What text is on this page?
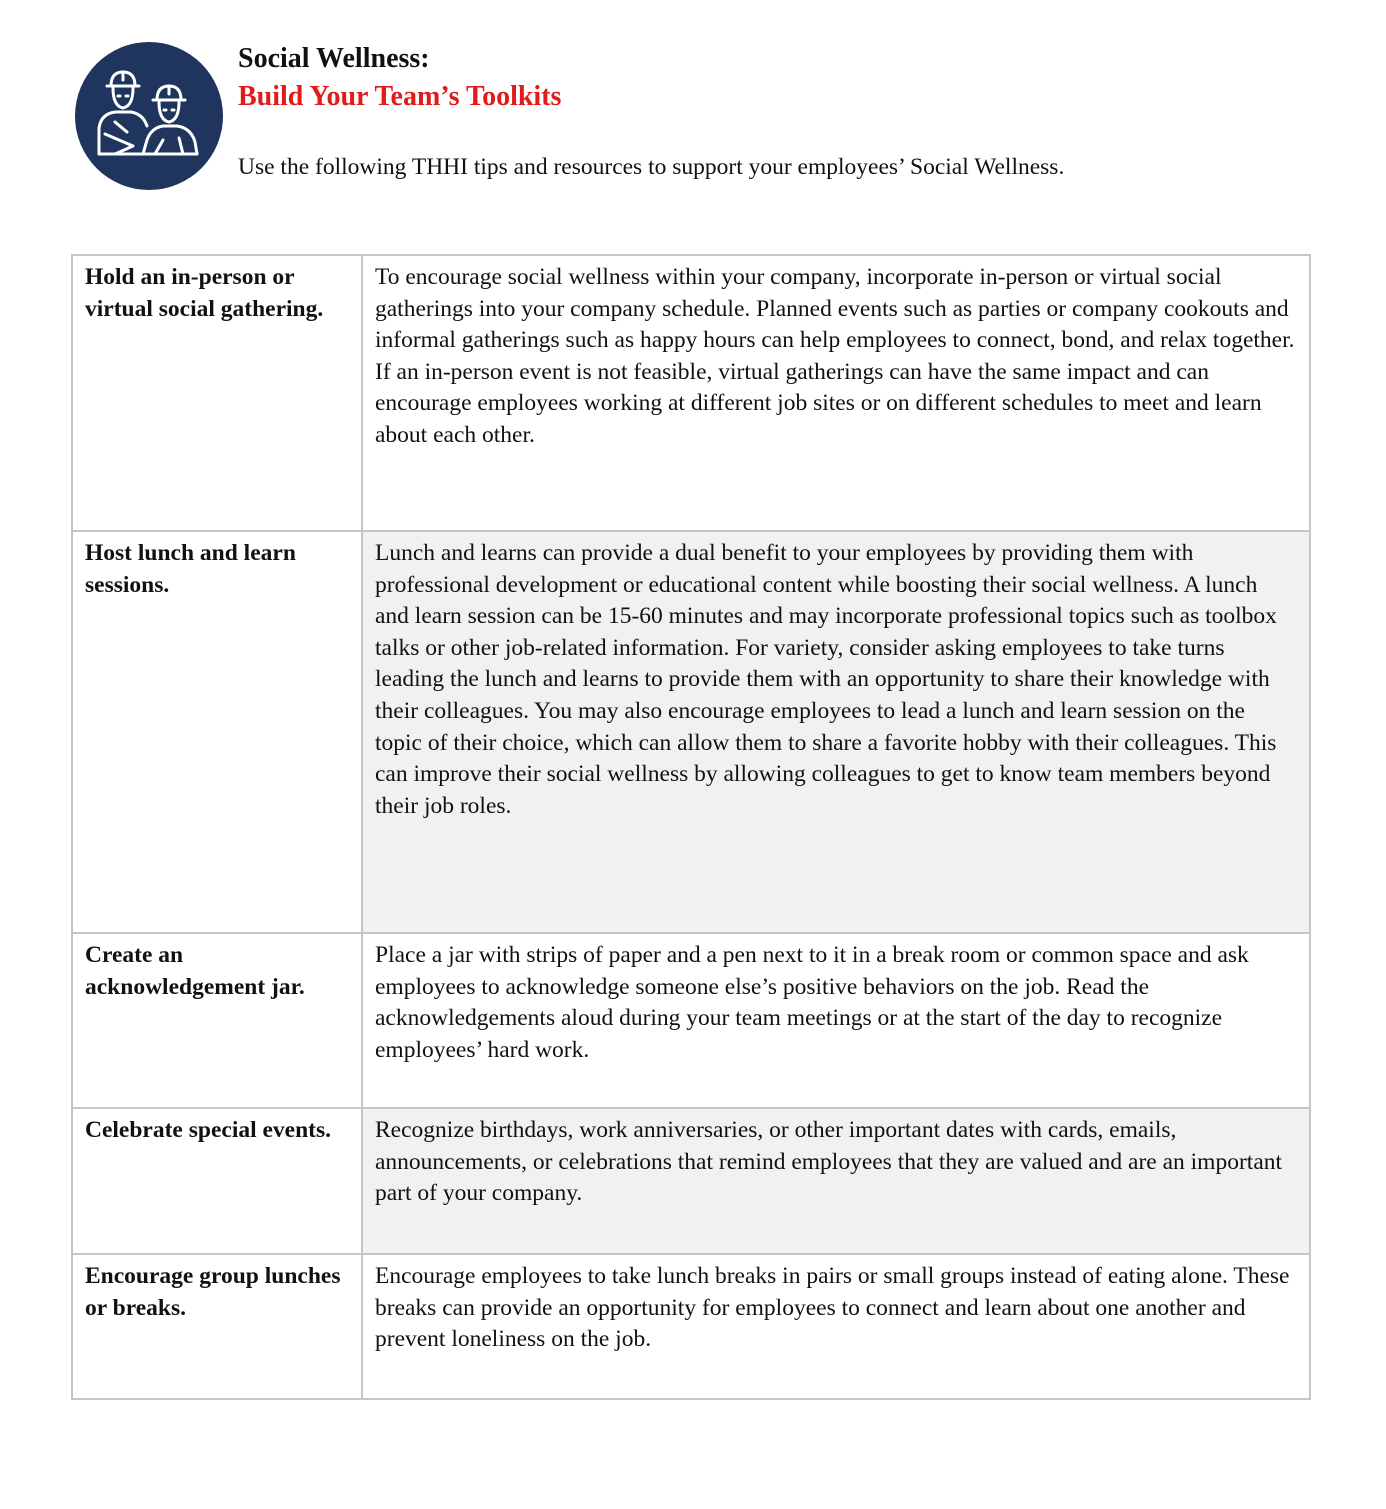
Social Wellness:
Build Your Team’s Toolkits
Use the following THHI tips and resources to support your employees’ Social Wellness.
Hold an in-person or virtual social gathering.	To encourage social wellness within your company, incorporate in-person or virtual social gatherings into your company schedule. Planned events such as parties or company cookouts and informal gatherings such as happy hours can help employees to connect, bond, and relax together. If an in-person event is not feasible, virtual gatherings can have the same impact and can encourage employees working at different job sites or on different schedules to meet and learn about each other.
Host lunch and learn sessions.	Lunch and learns can provide a dual benefit to your employees by providing them with professional development or educational content while boosting their social wellness. A lunch and learn session can be 15-60 minutes and may incorporate professional topics such as toolbox talks or other job-related information. For variety, consider asking employees to take turns leading the lunch and learns to provide them with an opportunity to share their knowledge with their colleagues. You may also encourage employees to lead a lunch and learn session on the topic of their choice, which can allow them to share a favorite hobby with their colleagues. This can improve their social wellness by allowing colleagues to get to know team members beyond their job roles.
Create an acknowledgement jar.	Place a jar with strips of paper and a pen next to it in a break room or common space and ask employees to acknowledge someone else’s positive behaviors on the job. Read the acknowledgements aloud during your team meetings or at the start of the day to recognize employees’ hard work.
Celebrate special events.	Recognize birthdays, work anniversaries, or other important dates with cards, emails, announcements, or celebrations that remind employees that they are valued and are an important part of your company.
Encourage group lunches or breaks.	Encourage employees to take lunch breaks in pairs or small groups instead of eating alone. These breaks can provide an opportunity for employees to connect and learn about one another and prevent loneliness on the job.
